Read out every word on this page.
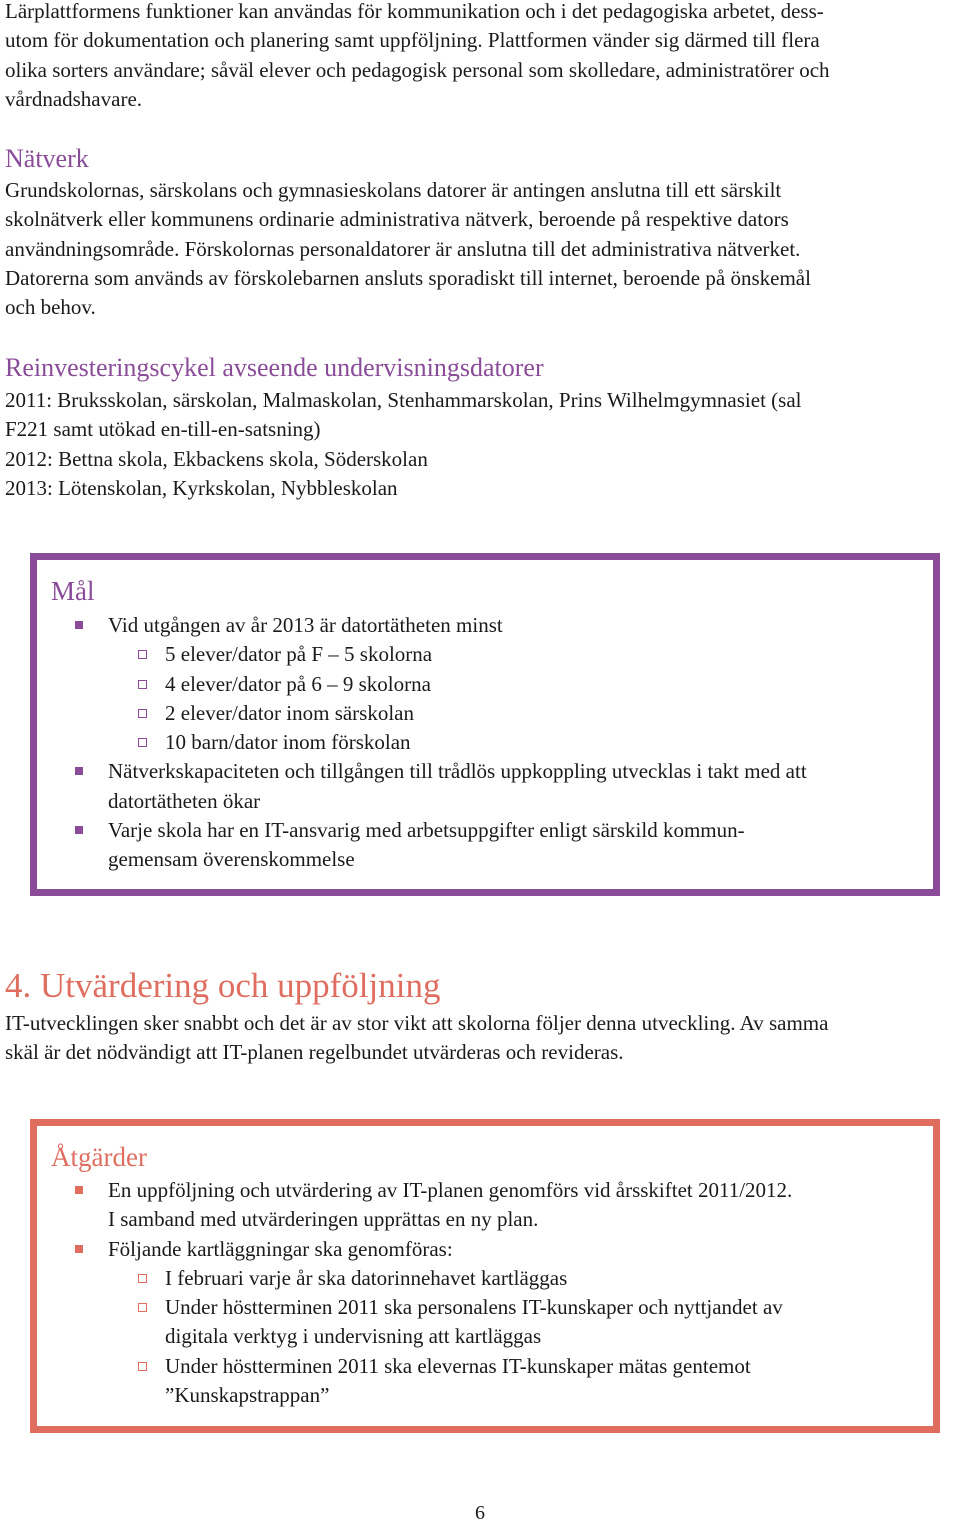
Lärplattformens funktioner kan användas för kommunikation och i det pedagogiska arbetet, dess-
utom för dokumentation och planering samt uppföljning. Plattformen vänder sig därmed till flera
olika sorters användare; såväl elever och pedagogisk personal som skolledare, administratörer och
vårdnadshavare.
Nätverk
Grundskolornas, särskolans och gymnasieskolans datorer är antingen anslutna till ett särskilt
skolnätverk eller kommunens ordinarie administrativa nätverk, beroende på respektive dators
användningsområde. Förskolornas personaldatorer är anslutna till det administrativa nätverket.
Datorerna som används av förskolebarnen ansluts sporadiskt till internet, beroende på önskemål
och behov.
Reinvesteringscykel avseende undervisningsdatorer
2011: Bruksskolan, särskolan, Malmaskolan, Stenhammarskolan, Prins Wilhelmgymnasiet (sal
F221 samt utökad en-till-en-satsning)
2012: Bettna skola, Ekbackens skola, Söderskolan
2013: Lötenskolan, Kyrkskolan, Nybbleskolan
Mål
Vid utgången av år 2013 är datortätheten minst
5 elever/dator på F – 5 skolorna
4 elever/dator på 6 – 9 skolorna
2 elever/dator inom särskolan
10 barn/dator inom förskolan
Nätverkskapaciteten och tillgången till trådlös uppkoppling utvecklas i takt med att
datortätheten ökar
Varje skola har en IT-ansvarig med arbetsuppgifter enligt särskild kommun-
gemensam överenskommelse
4. Utvärdering och uppföljning
IT-utvecklingen sker snabbt och det är av stor vikt att skolorna följer denna utveckling. Av samma
skäl är det nödvändigt att IT-planen regelbundet utvärderas och revideras.
Åtgärder
En uppföljning och utvärdering av IT-planen genomförs vid årsskiftet 2011/2012.
I samband med utvärderingen upprättas en ny plan.
Följande kartläggningar ska genomföras:
I februari varje år ska datorinnehavet kartläggas
Under höstterminen 2011 ska personalens IT-kunskaper och nyttjandet av
digitala verktyg i undervisning att kartläggas
Under höstterminen 2011 ska elevernas IT-kunskaper mätas gentemot
”Kunskapstrappan”
6
